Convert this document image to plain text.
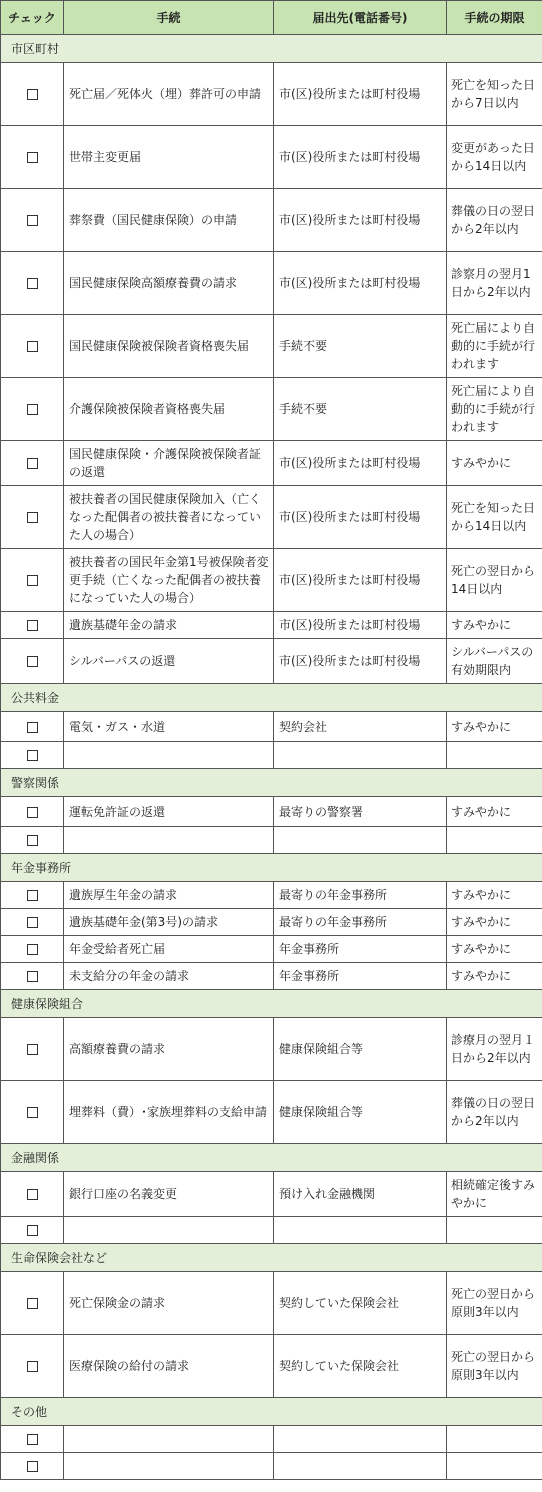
チェック	手続	届出先(電話番号)	手続の期限
市区町村			
	死亡届／死体火（埋）葬許可の申請	市(区)役所または町村役場	死亡を知った日から7日以内
	世帯主変更届	市(区)役所または町村役場	変更があった日から14日以内
	葬祭費（国民健康保険）の申請	市(区)役所または町村役場	葬儀の日の翌日から2年以内
	国民健康保険高額療養費の請求	市(区)役所または町村役場	診察月の翌月1日から2年以内
	国民健康保険被保険者資格喪失届	手続不要	死亡届により自動的に手続が行われます
	介護保険被保険者資格喪失届	手続不要	死亡届により自動的に手続が行われます
	国民健康保険・介護保険被保険者証の返還	市(区)役所または町村役場	すみやかに
	被扶養者の国民健康保険加入（亡くなった配偶者の被扶養者になっていた人の場合）	市(区)役所または町村役場	死亡を知った日から14日以内
	被扶養者の国民年金第1号被保険者変更手続（亡くなった配偶者の被扶養になっていた人の場合）	市(区)役所または町村役場	死亡の翌日から14日以内
	遺族基礎年金の請求	市(区)役所または町村役場	すみやかに
	シルバーパスの返還	市(区)役所または町村役場	シルバーパスの有効期限内
公共料金			
	電気・ガス・水道	契約会社	すみやかに

警察関係			
	運転免許証の返還	最寄りの警察署	すみやかに

年金事務所			
	遺族厚生年金の請求	最寄りの年金事務所	すみやかに
	遺族基礎年金(第3号)の請求	最寄りの年金事務所	すみやかに
	年金受給者死亡届	年金事務所	すみやかに
	未支給分の年金の請求	年金事務所	すみやかに
健康保険組合			
	高額療養費の請求	健康保険組合等	診療月の翌月１日から2年以内
	埋葬料（費）･家族埋葬料の支給申請	健康保険組合等	葬儀の日の翌日から2年以内
金融関係			
	銀行口座の名義変更	預け入れ金融機関	相続確定後すみやかに

生命保険会社など			
	死亡保険金の請求	契約していた保険会社	死亡の翌日から原則3年以内
	医療保険の給付の請求	契約していた保険会社	死亡の翌日から原則3年以内
その他			
